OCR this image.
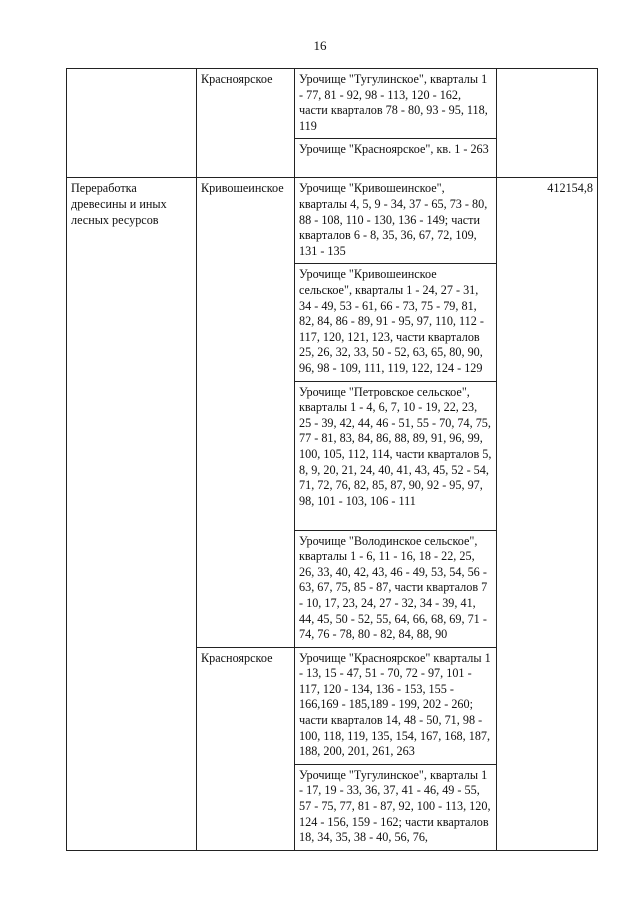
16
	Красноярское	Урочище "Тугулинское", кварталы 1 - 77, 81 - 92, 98 - 113, 120 - 162, части кварталов 78 - 80, 93 - 95, 118, 119	
		Урочище "Красноярское", кв. 1 - 263	
Переработка древесины и иных лесных ресурсов	Кривошеинское	Урочище "Кривошеинское", кварталы 4, 5, 9 - 34, 37 - 65, 73 - 80, 88 - 108, 110 - 130, 136 - 149; части кварталов 6 - 8, 35, 36, 67, 72, 109, 131 - 135	412154,8
		Урочище "Кривошеинское сельское", кварталы 1 - 24, 27 - 31, 34 - 49, 53 - 61, 66 - 73, 75 - 79, 81, 82, 84, 86 - 89, 91 - 95, 97, 110, 112 - 117, 120, 121, 123, части кварталов 25, 26, 32, 33, 50 - 52, 63, 65, 80, 90, 96, 98 - 109, 111, 119, 122, 124 - 129	
		Урочище "Петровское сельское", кварталы 1 - 4, 6, 7, 10 - 19, 22, 23, 25 - 39, 42, 44, 46 - 51, 55 - 70, 74, 75, 77 - 81, 83, 84, 86, 88, 89, 91, 96, 99, 100, 105, 112, 114, части кварталов 5, 8, 9, 20, 21, 24, 40, 41, 43, 45, 52 - 54, 71, 72, 76, 82, 85, 87, 90, 92 - 95, 97, 98, 101 - 103, 106 - 111	
		Урочище "Володинское сельское", кварталы 1 - 6, 11 - 16, 18 - 22, 25, 26, 33, 40, 42, 43, 46 - 49, 53, 54, 56 - 63, 67, 75, 85 - 87, части кварталов 7 - 10, 17, 23, 24, 27 - 32, 34 - 39, 41, 44, 45, 50 - 52, 55, 64, 66, 68, 69, 71 - 74, 76 - 78, 80 - 82, 84, 88, 90	
	Красноярское	Урочище "Красноярское" кварталы 1 - 13, 15 - 47, 51 - 70, 72 - 97, 101 - 117, 120 - 134, 136 - 153, 155 - 166,169 - 185,189 - 199, 202 - 260; части кварталов 14, 48 - 50, 71, 98 - 100, 118, 119, 135, 154, 167, 168, 187, 188, 200, 201, 261, 263	
		Урочище "Тугулинское", кварталы 1 - 17, 19 - 33, 36, 37, 41 - 46, 49 - 55, 57 - 75, 77, 81 - 87, 92, 100 - 113, 120, 124 - 156, 159 - 162; части кварталов 18, 34, 35, 38 - 40, 56, 76,	
